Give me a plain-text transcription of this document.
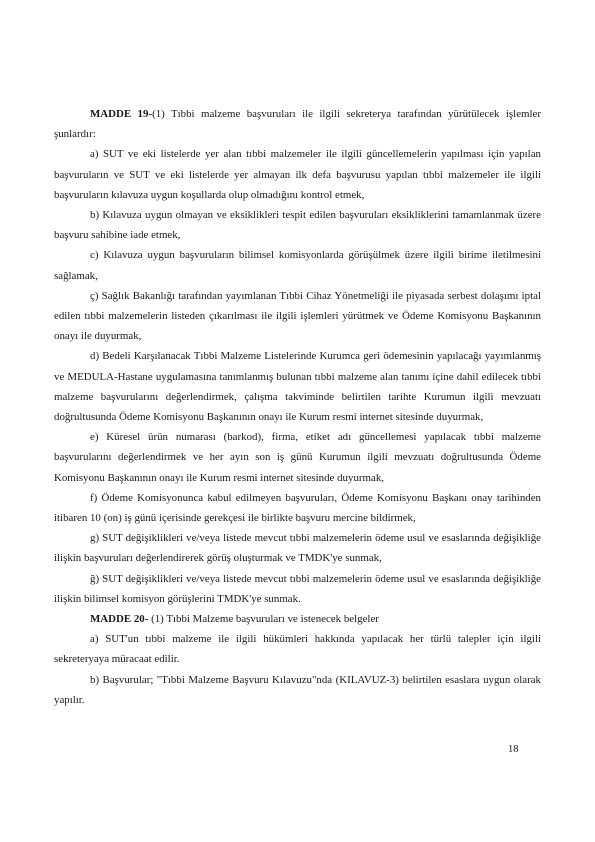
MADDE 19-(1) Tıbbi malzeme başvuruları ile ilgili sekreterya tarafından yürütülecek işlemler şunlardır:

a) SUT ve eki listelerde yer alan tıbbi malzemeler ile ilgili güncellemelerin yapılması için yapılan başvuruların ve SUT ve eki listelerde yer almayan ilk defa başvurusu yapılan tıbbi malzemeler ile ilgili başvuruların kılavuza uygun koşullarda olup olmadığını kontrol etmek,

b) Kılavuza uygun olmayan ve eksiklikleri tespit edilen başvuruları eksikliklerini tamamlanmak üzere başvuru sahibine iade etmek,

c) Kılavuza uygun başvuruların bilimsel komisyonlarda görüşülmek üzere ilgili birime iletilmesini sağlamak,

ç) Sağlık Bakanlığı tarafından yayımlanan Tıbbi Cihaz Yönetmeliği ile piyasada serbest dolaşımı iptal edilen tıbbi malzemelerin listeden çıkarılması ile ilgili işlemleri yürütmek ve Ödeme Komisyonu Başkanının onayı ile duyurmak,

d) Bedeli Karşılanacak Tıbbi Malzeme Listelerinde Kurumca geri ödemesinin yapılacağı yayımlanmış ve MEDULA-Hastane uygulamasına tanımlanmış bulunan tıbbi malzeme alan tanımı içine dahil edilecek tıbbi malzeme başvurularını değerlendirmek, çalışma takviminde belirtilen tarihte Kurumun ilgili mevzuatı doğrultusunda Ödeme Komisyonu Başkanının onayı ile Kurum resmi internet sitesinde duyurmak,

e) Küresel ürün numarası (barkod), firma, etiket adı güncellemesi yapılacak tıbbi malzeme başvurularını değerlendirmek ve her ayın son iş günü Kurumun ilgili mevzuatı doğrultusunda Ödeme Komisyonu Başkanının onayı ile Kurum resmi internet sitesinde duyurmak,

f) Ödeme Komisyonunca kabul edilmeyen başvuruları, Ödeme Komisyonu Başkanı onay tarihinden itibaren 10 (on) iş günü içerisinde gerekçesi ile birlikte başvuru mercine bildirmek,

g) SUT değişiklikleri ve/veya listede mevcut tıbbi malzemelerin ödeme usul ve esaslarında değişikliğe ilişkin başvuruları değerlendirerek görüş oluşturmak ve TMDK'ye sunmak,

ğ) SUT değişiklikleri ve/veya listede mevcut tıbbi malzemelerin ödeme usul ve esaslarında değişikliğe ilişkin bilimsel komisyon görüşlerini TMDK'ye sunmak.

MADDE 20- (1) Tıbbi Malzeme başvuruları ve istenecek belgeler

a) SUT'un tıbbi malzeme ile ilgili hükümleri hakkında yapılacak her türlü talepler için ilgili sekreteryaya müracaat edilir.

b) Başvurular; "Tıbbi Malzeme Başvuru Kılavuzu"nda (KILAVUZ-3) belirtilen esaslara uygun olarak yapılır.

18
